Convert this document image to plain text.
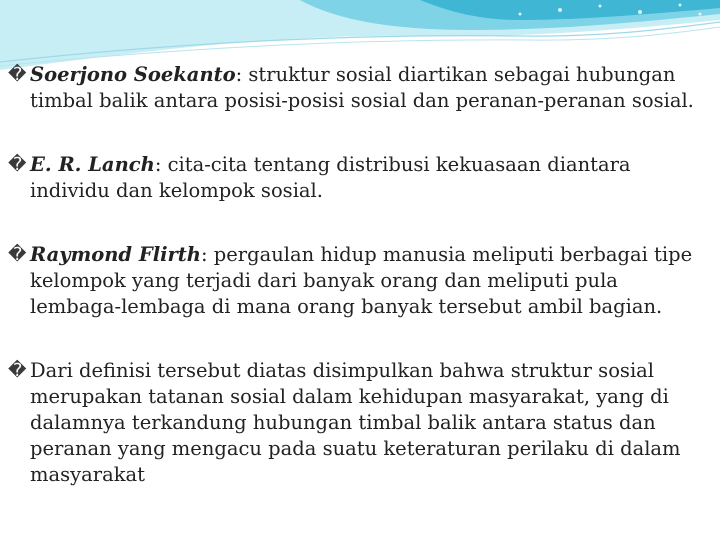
� Soerjono Soekanto: struktur sosial diartikan sebagai hubungan timbal balik antara posisi-posisi sosial dan peranan-peranan sosial.

� E. R. Lanch: cita-cita tentang distribusi kekuasaan diantara individu dan kelompok sosial.

� Raymond Flirth: pergaulan hidup manusia meliputi berbagai tipe kelompok yang terjadi dari banyak orang dan meliputi pula lembaga-lembaga di mana orang banyak tersebut ambil bagian.

� Dari definisi tersebut diatas disimpulkan bahwa struktur sosial merupakan tatanan sosial dalam kehidupan masyarakat, yang di dalamnya terkandung hubungan timbal balik antara status dan peranan yang mengacu pada suatu keteraturan perilaku di dalam masyarakat
